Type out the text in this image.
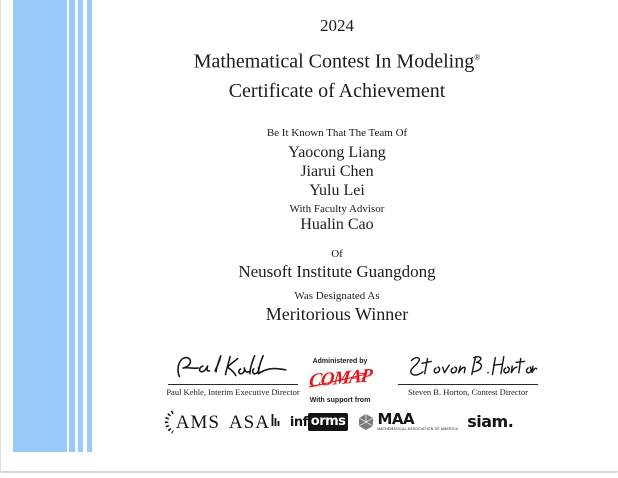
2024
Mathematical Contest In Modeling®
Certificate of Achievement
Be It Known That The Team Of
Yaocong Liang
Jiarui Chen
Yulu Lei
With Faculty Advisor
Hualin Cao
Of
Neusoft Institute Guangdong
Was Designated As
Meritorious Winner
Paul Kehle, Interim Executive Director
Administered by
COMAP
With support from
Steven B. Horton, Contest Director
AMS ASA inf orms MAA
MATHEMATICAL ASSOCIATION OF AMERICA siam.
